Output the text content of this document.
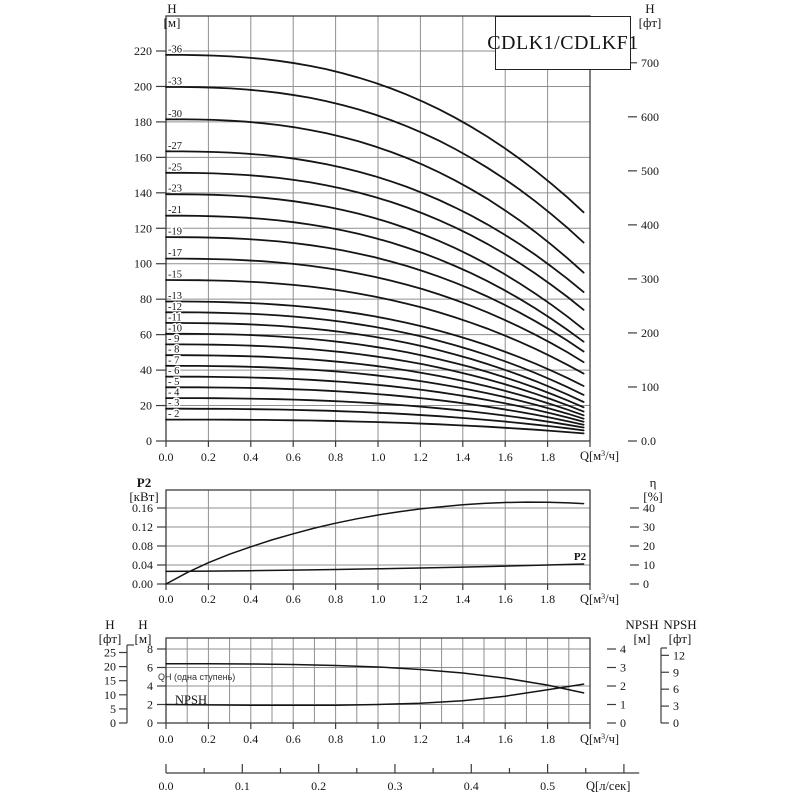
0
20
40
60
80
100
120
140
160
180
200
220
0.0 0.2 0.4 0.6 0.8 1.0 1.2 1.4 1.6 1.8
0.0
100
200
300
400
500
600
700
- 2
- 3
- 4
- 5
- 6
- 7
- 8
- 9
-10
-11
-12
-13
-15
-17
-19
-21
-23
-25
-27
-30
-33
-36
0.00
0.04
0.08
0.12
0.16
0.0 0.2 0.4 0.6 0.8 1.0 1.2 1.4 1.6 1.8
0
10
20
30
40
0
2
4
6
8
0
5
10
15
20
25
0.0 0.2 0.4 0.6 0.8 1.0 1.2 1.4 1.6 1.8
0
1
2
3
4
0
3
6
9
12
0.0	0.1	0.2	0.3	0.4	0.5
CDLK1/CDLKF1
H
[м]
H
[фт]
P2
[кВт]
η
[%]
H
[фт]
H
[м]
NPSH
[м]
NPSH
[фт]
$Q[м^3/ч]$
$Q[м^3/ч]$
$Q[м^3/ч]$
Q[л/сек]
P2
NPSH
QH (одна ступень)
